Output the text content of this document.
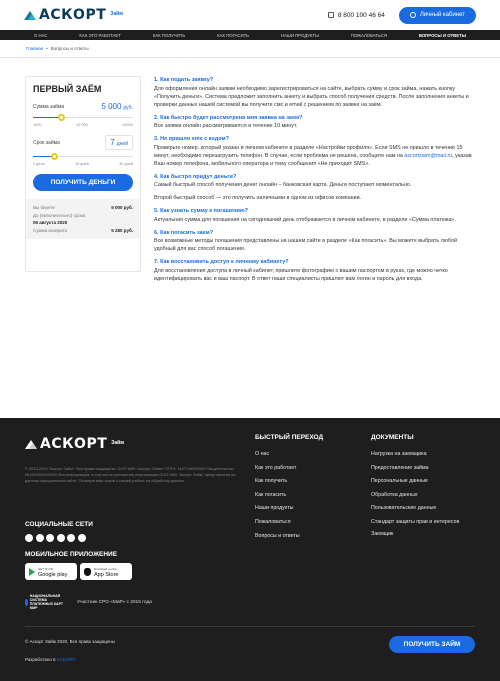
АСКОРТ Займ	8 800 100 46 64	Личный кабинет
О НАС	КАК ЭТО РАБОТАЕТ	КАК ПОЛУЧИТЬ	КАК ПОГАСИТЬ	НАШИ ПРОДУКТЫ	ПОЖАЛОВАТЬСЯ	ВОПРОСЫ И ОТВЕТЫ
Главная • Вопросы и ответы
ПЕРВЫЙ ЗАЁМ
Сумма займа	5 000 руб.
1000	10 000	15000
Срок займа	7 дней
1 день	15 дней	30 дней
ПОЛУЧИТЬ ДЕНЬГИ
Вы берете	5 000 руб.
До (включительно) срока
06 августа 2020
Сумма возврата	5 280 руб.
1. Как подать заявку?

Для оформления онлайн заявки необходимо зарегистрироваться на сайте, выбрать сумму и срок займа, нажать кнопку «Получить деньги». Система предложит заполнить анкету и выбрать способ получения средств. После заполнения анкеты и проверки данных нашей системой вы получите смс и email с решением по заявке на заём.

2. Как быстро будет рассмотрена моя заявка на заем?

Все заявки онлайн рассматриваются в течение 10 минут.

3. Не пришло sms с кодом?

Проверьте номер, который указан в личном кабинете в разделе «Настройки профиля». Если SMS не пришло в течение 15 минут, необходимо перезагрузить телефон. В случае, если проблема не решена, сообщите нам на ascortzaim@mail.ru, указав Ваш номер телефона, мобильного оператора и тему сообщения «Не приходит SMS».

4. Как быстро придут деньги?

Самый быстрый способ получения денег онлайн – банковская карта. Деньги поступают моментально.

Второй быстрый способ — это получить наличными в одном из офисов компании.

5. Как узнать сумму к погашению?

Актуальная сумма для погашения на сегодняшний день отображается в личном кабинете, в разделе «Сумма платежа».

6. Как погасить заем?

Все возможные методы погашения представлены на нашем сайте в разделе «Как погасить». Вы можете выбрать любой удобный для вас способ погашения.

7. Как восстановить доступ к личному кабинету?

Для восстановления доступа в личный кабинет, пришлите фотографию с вашим паспортом в руках, где можно четко идентифицировать вас и ваш паспорт. В ответ наши специалисты пришлют вам логин и пароль для входа.

АСКОРТ Займ
© 2013-2020 "Аскорт Займ". Все права защищены. ООО МКК «Аскорт Займ» ОГРН: 1187746000000 Свидетельство №1903000000000 Вся информация, в том числе контактная информация ООО МКК "Аскорт Займ" представлена на данном официальном сайте. Оставьте ваш отзыв о нашей работе на обработку данных.
СОЦИАЛЬНЫЕ СЕТИ
МОБИЛЬНОЕ ПРИЛОЖЕНИЕ
GET IT ON
Google play
Download on the
App Store
БЫСТРЫЙ ПЕРЕХОД
О нас
Как это работает
Как получить
Как погасить
Наши продукты
Пожаловаться
Вопросы и ответы
ДОКУМЕНТЫ
Нагрузка на заемщика
Предоставление займа
Персональные данные
Обработка данных
Пользовательские данные
Стандарт защиты прав и интересов
Заемщик
НАЦИОНАЛЬНАЯ СИСТЕМА ПЛАТЕЖНЫХ КАРТ МИР
Участник СРО «МиР» с 2015 года
© Аскорт Займ 2020, Все права защищены
Разработано в ACKORT
ПОЛУЧИТЬ ЗАЙМ
